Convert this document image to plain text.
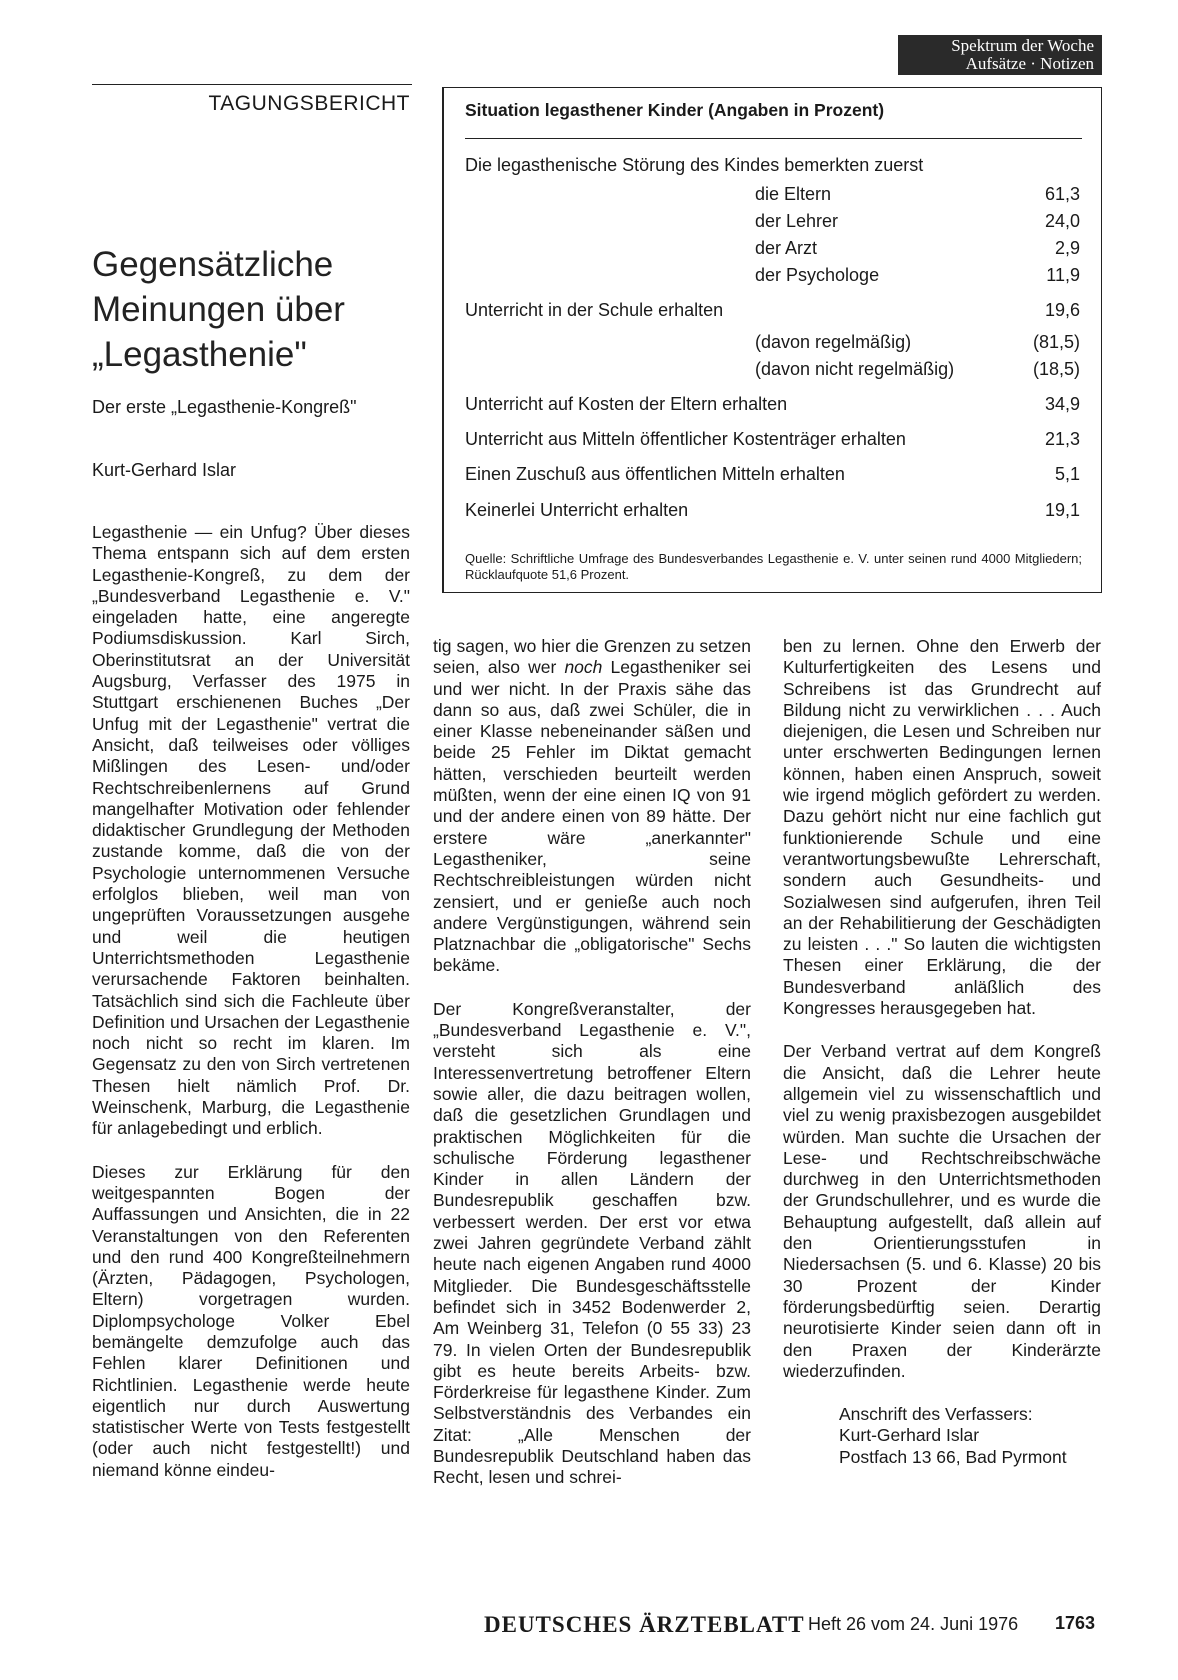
Spektrum der Woche
Aufsätze · Notizen
TAGUNGSBERICHT
Gegensätzliche
Meinungen über
„Legasthenie"
Der erste „Legasthenie-Kongreß"
Kurt-Gerhard Islar
Situation legasthener Kinder (Angaben in Prozent)
Die legasthenische Störung des Kindes bemerkten zuerst
die Eltern	61,3
der Lehrer	24,0
der Arzt	2,9
der Psychologe	11,9
Unterricht in der Schule erhalten	19,6
(davon regelmäßig)	(81,5)
(davon nicht regelmäßig)	(18,5)
Unterricht auf Kosten der Eltern erhalten	34,9
Unterricht aus Mitteln öffentlicher Kostenträger erhalten	21,3
Einen Zuschuß aus öffentlichen Mitteln erhalten	5,1
Keinerlei Unterricht erhalten	19,1
Quelle: Schriftliche Umfrage des Bundesverbandes Legasthenie e. V. unter seinen rund 4000 Mitgliedern; Rücklaufquote 51,6 Prozent.

Legasthenie — ein Unfug? Über dieses Thema entspann sich auf dem ersten Legasthenie-Kongreß, zu dem der „Bundesverband Legasthenie e. V." eingeladen hatte, eine angeregte Podiumsdiskussion. Karl Sirch, Oberinstitutsrat an der Universität Augsburg, Verfasser des 1975 in Stuttgart erschienenen Buches „Der Unfug mit der Legasthenie" vertrat die Ansicht, daß teilweises oder völliges Mißlingen des Lesen- und/oder Rechtschreibenlernens auf Grund mangelhafter Motivation oder fehlender didaktischer Grundlegung der Methoden zustande komme, daß die von der Psychologie unternommenen Versuche erfolglos blieben, weil man von ungeprüften Voraussetzungen ausgehe und weil die heutigen Unterrichtsmethoden Legasthenie verursachende Faktoren beinhalten. Tatsächlich sind sich die Fachleute über Definition und Ursachen der Legasthenie noch nicht so recht im klaren. Im Gegensatz zu den von Sirch vertretenen Thesen hielt nämlich Prof. Dr. Weinschenk, Marburg, die Legasthenie für anlagebedingt und erblich.

Dieses zur Erklärung für den weitgespannten Bogen der Auffassungen und Ansichten, die in 22 Veranstaltungen von den Referenten und den rund 400 Kongreßteilnehmern (Ärzten, Pädagogen, Psychologen, Eltern) vorgetragen wurden. Diplompsychologe Volker Ebel bemängelte demzufolge auch das Fehlen klarer Definitionen und Richtlinien. Legasthenie werde heute eigentlich nur durch Auswertung statistischer Werte von Tests festgestellt (oder auch nicht festgestellt!) und niemand könne eindeu-

tig sagen, wo hier die Grenzen zu setzen seien, also wer noch Legastheniker sei und wer nicht. In der Praxis sähe das dann so aus, daß zwei Schüler, die in einer Klasse nebeneinander säßen und beide 25 Fehler im Diktat gemacht hätten, verschieden beurteilt werden müßten, wenn der eine einen IQ von 91 und der andere einen von 89 hätte. Der erstere wäre „anerkannter" Legastheniker, seine Rechtschreibleistungen würden nicht zensiert, und er genieße auch noch andere Vergünstigungen, während sein Platznachbar die „obligatorische" Sechs bekäme.

Der Kongreßveranstalter, der „Bundesverband Legasthenie e. V.", versteht sich als eine Interessenvertretung betroffener Eltern sowie aller, die dazu beitragen wollen, daß die gesetzlichen Grundlagen und praktischen Möglichkeiten für die schulische Förderung legasthener Kinder in allen Ländern der Bundesrepublik geschaffen bzw. verbessert werden. Der erst vor etwa zwei Jahren gegründete Verband zählt heute nach eigenen Angaben rund 4000 Mitglieder. Die Bundesgeschäftsstelle befindet sich in 3452 Bodenwerder 2, Am Weinberg 31, Telefon (0 55 33) 23 79. In vielen Orten der Bundesrepublik gibt es heute bereits Arbeits- bzw. Förderkreise für legasthene Kinder. Zum Selbstverständnis des Verbandes ein Zitat: „Alle Menschen der Bundesrepublik Deutschland haben das Recht, lesen und schrei-

ben zu lernen. Ohne den Erwerb der Kulturfertigkeiten des Lesens und Schreibens ist das Grundrecht auf Bildung nicht zu verwirklichen . . . Auch diejenigen, die Lesen und Schreiben nur unter erschwerten Bedingungen lernen können, haben einen Anspruch, soweit wie irgend möglich gefördert zu werden. Dazu gehört nicht nur eine fachlich gut funktionierende Schule und eine verantwortungsbewußte Lehrerschaft, sondern auch Gesundheits- und Sozialwesen sind aufgerufen, ihren Teil an der Rehabilitierung der Geschädigten zu leisten . . ." So lauten die wichtigsten Thesen einer Erklärung, die der Bundesverband anläßlich des Kongresses herausgegeben hat.

Der Verband vertrat auf dem Kongreß die Ansicht, daß die Lehrer heute allgemein viel zu wissenschaftlich und viel zu wenig praxisbezogen ausgebildet würden. Man suchte die Ursachen der Lese- und Rechtschreibschwäche durchweg in den Unterrichtsmethoden der Grundschullehrer, und es wurde die Behauptung aufgestellt, daß allein auf den Orientierungsstufen in Niedersachsen (5. und 6. Klasse) 20 bis 30 Prozent der Kinder förderungsbedürftig seien. Derartig neurotisierte Kinder seien dann oft in den Praxen der Kinderärzte wiederzufinden.

Anschrift des Verfassers:
Kurt-Gerhard Islar
Postfach 13 66, Bad Pyrmont
DEUTSCHES ÄRZTEBLATT Heft 26 vom 24. Juni 1976 1763
